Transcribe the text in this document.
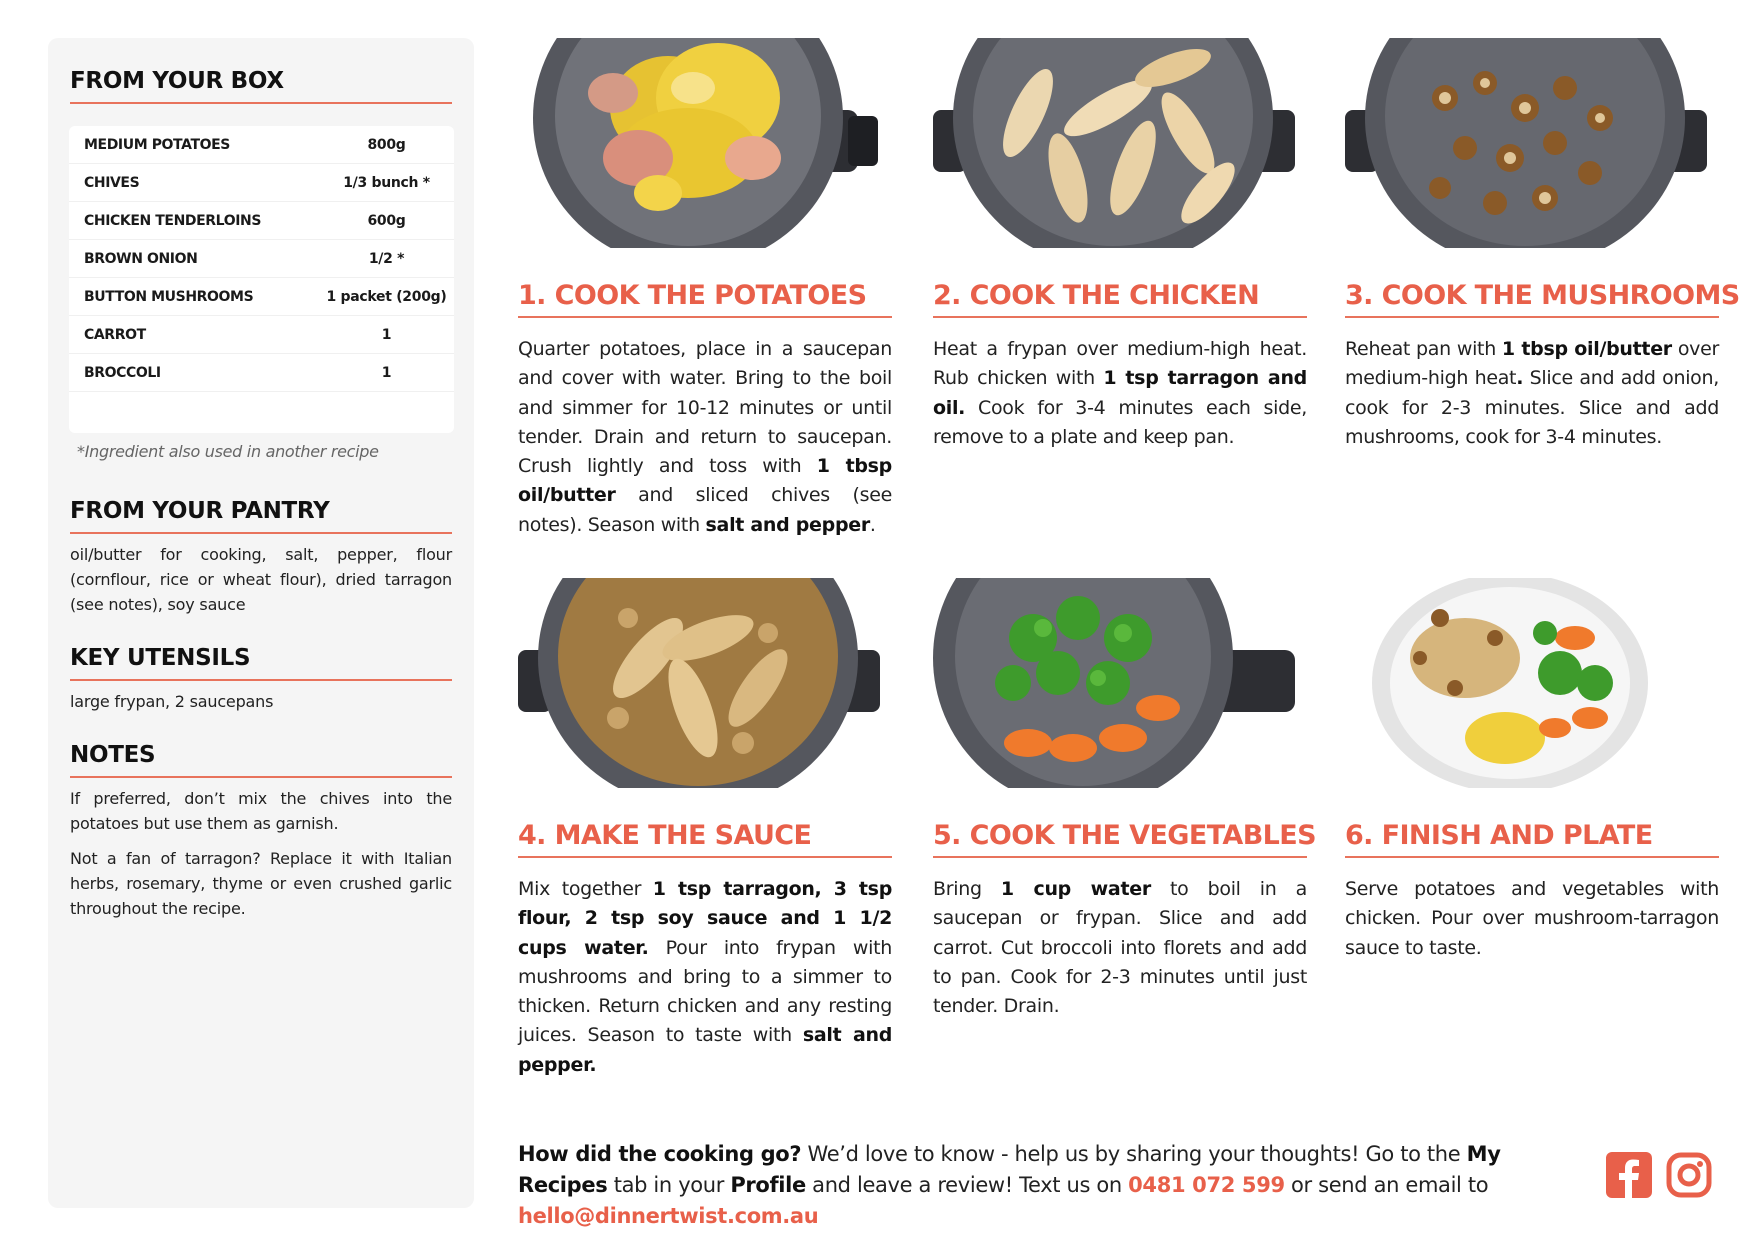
FROM YOUR BOX
MEDIUM POTATOES	800g
CHIVES	1/3 bunch *
CHICKEN TENDERLOINS	600g
BROWN ONION	1/2 *
BUTTON MUSHROOMS	1 packet (200g)
CARROT	1
BROCCOLI	1
*Ingredient also used in another recipe
FROM YOUR PANTRY
oil/butter for cooking, salt, pepper, flour (cornflour, rice or wheat flour), dried tarragon (see notes), soy sauce
KEY UTENSILS
large frypan, 2 saucepans
NOTES
If preferred, don’t mix the chives into the potatoes but use them as garnish.
Not a fan of tarragon? Replace it with Italian herbs, rosemary, thyme or even crushed garlic throughout the recipe.
1. COOK THE POTATOES
Quarter potatoes, place in a saucepan and cover with water. Bring to the boil and simmer for 10-12 minutes or until tender. Drain and return to saucepan. Crush lightly and toss with 1 tbsp oil/butter and sliced chives (see notes). Season with salt and pepper.
2. COOK THE CHICKEN
Heat a frypan over medium-high heat. Rub chicken with 1 tsp tarragon and oil. Cook for 3-4 minutes each side, remove to a plate and keep pan.
3. COOK THE MUSHROOMS
Reheat pan with 1 tbsp oil/butter over medium-high heat. Slice and add onion, cook for 2-3 minutes. Slice and add mushrooms, cook for 3-4 minutes.
4. MAKE THE SAUCE
Mix together 1 tsp tarragon, 3 tsp flour, 2 tsp soy sauce and 1 1/2 cups water. Pour into frypan with mushrooms and bring to a simmer to thicken. Return chicken and any resting juices. Season to taste with salt and pepper.
5. COOK THE VEGETABLES
Bring 1 cup water to boil in a saucepan or frypan. Slice and add carrot. Cut broccoli into florets and add to pan. Cook for 2-3 minutes until just tender. Drain.
6. FINISH AND PLATE
Serve potatoes and vegetables with chicken. Pour over mushroom-tarragon sauce to taste.
How did the cooking go? We’d love to know - help us by sharing your thoughts! Go to the My Recipes tab in your Profile and leave a review! Text us on 0481 072 599 or send an email to hello@dinnertwist.com.au
